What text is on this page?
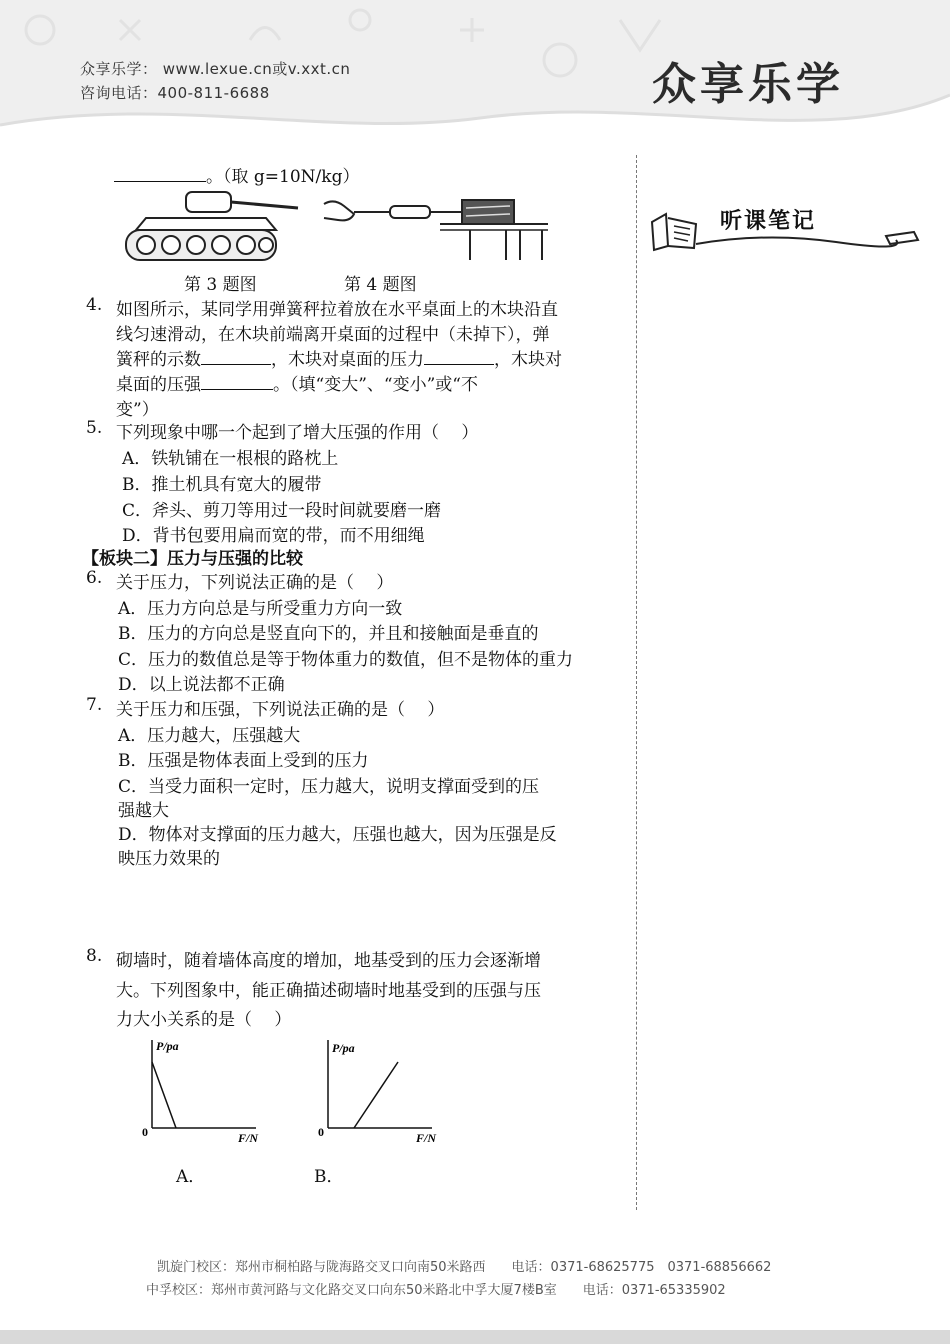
众享乐学： www.lexue.cn或v.xxt.cn
咨询电话：400-811-6688	众享乐学
听课笔记
。（取 g=10N/kg）
第 3 题图	第 4 题图
4. 如图所示，某同学用弹簧秤拉着放在水平桌面上的木块沿直
线匀速滑动，在木块前端离开桌面的过程中（未掉下），弹
簧秤的示数	，木块对桌面的压力	，木块对
桌面的压强	。（填“变大”、“变小”或“不
变”）
5. 下列现象中哪一个起到了增大压强的作用（　 ）
A．铁轨铺在一根根的路枕上
B．推土机具有宽大的履带
C．斧头、剪刀等用过一段时间就要磨一磨
D．背书包要用扁而宽的带，而不用细绳
【板块二】压力与压强的比较
6. 关于压力，下列说法正确的是（　 ）
A．压力方向总是与所受重力方向一致
B．压力的方向总是竖直向下的，并且和接触面是垂直的
C．压力的数值总是等于物体重力的数值，但不是物体的重力
D．以上说法都不正确
7. 关于压力和压强，下列说法正确的是（　 ）
A．压力越大，压强越大
B．压强是物体表面上受到的压力
C．当受力面积一定时，压力越大，说明支撑面受到的压
强越大
D．物体对支撑面的压力越大，压强也越大，因为压强是反
映压力效果的
8. 砌墙时，随着墙体高度的增加，地基受到的压力会逐渐增
大。下列图象中，能正确描述砌墙时地基受到的压强与压
力大小关系的是（　 ）
P/pa
F/N
0
A．
P/pa
F/N
0
B．
凯旋门校区：郑州市桐柏路与陇海路交叉口向南50米路西　　电话：0371-68625775　0371-68856662
中孚校区：郑州市黄河路与文化路交叉口向东50米路北中孚大厦7楼B室　　电话：0371-65335902
